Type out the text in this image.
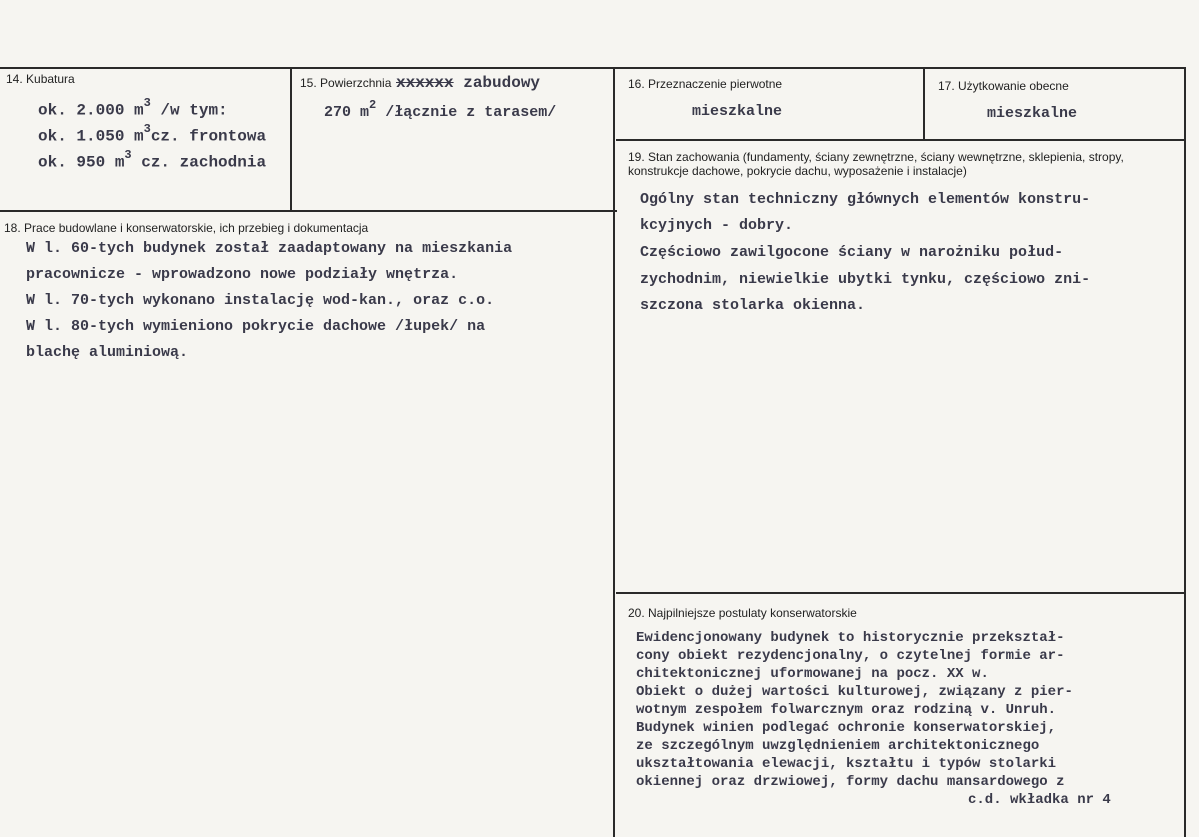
14. Kubatura
ok. 2.000 $m^3$ /w tym:
ok. 1.050 $m^3cz$. frontowa
ok. 950 $m^3$ cz. zachodnia
15. Powierzchnia xxxxxx zabudowy
270 $m^2$ /łącznie z tarasem/
16. Przeznaczenie pierwotne
mieszkalne
17. Użytkowanie obecne
mieszkalne
18. Prace budowlane i konserwatorskie, ich przebieg i dokumentacja
W l. 60-tych budynek został zaadaptowany na mieszkania
pracownicze - wprowadzono nowe podziały wnętrza.
W l. 70-tych wykonano instalację wod-kan., oraz c.o.
W l. 80-tych wymieniono pokrycie dachowe /łupek/ na
blachę aluminiową.
19. Stan zachowania (fundamenty, ściany zewnętrzne, ściany wewnętrzne, sklepienia, stropy, konstrukcje dachowe, pokrycie dachu, wyposażenie i instalacje)
Ogólny stan techniczny głównych elementów konstru-
kcyjnych - dobry.
Częściowo zawilgocone ściany w narożniku połud-
zychodnim, niewielkie ubytki tynku, częściowo zni-
szczona stolarka okienna.
20. Najpilniejsze postulaty konserwatorskie
Ewidencjonowany budynek to historycznie przekształ-
cony obiekt rezydencjonalny, o czytelnej formie ar-
chitektonicznej uformowanej na pocz. XX w.
Obiekt o dużej wartości kulturowej, związany z pier-
wotnym zespołem folwarcznym oraz rodziną v. Unruh.
Budynek winien podlegać ochronie konserwatorskiej,
ze szczególnym uwzględnieniem architektonicznego
ukształtowania elewacji, kształtu i typów stolarki
okiennej oraz drzwiowej, formy dachu mansardowego z
c.d. wkładka nr 4
